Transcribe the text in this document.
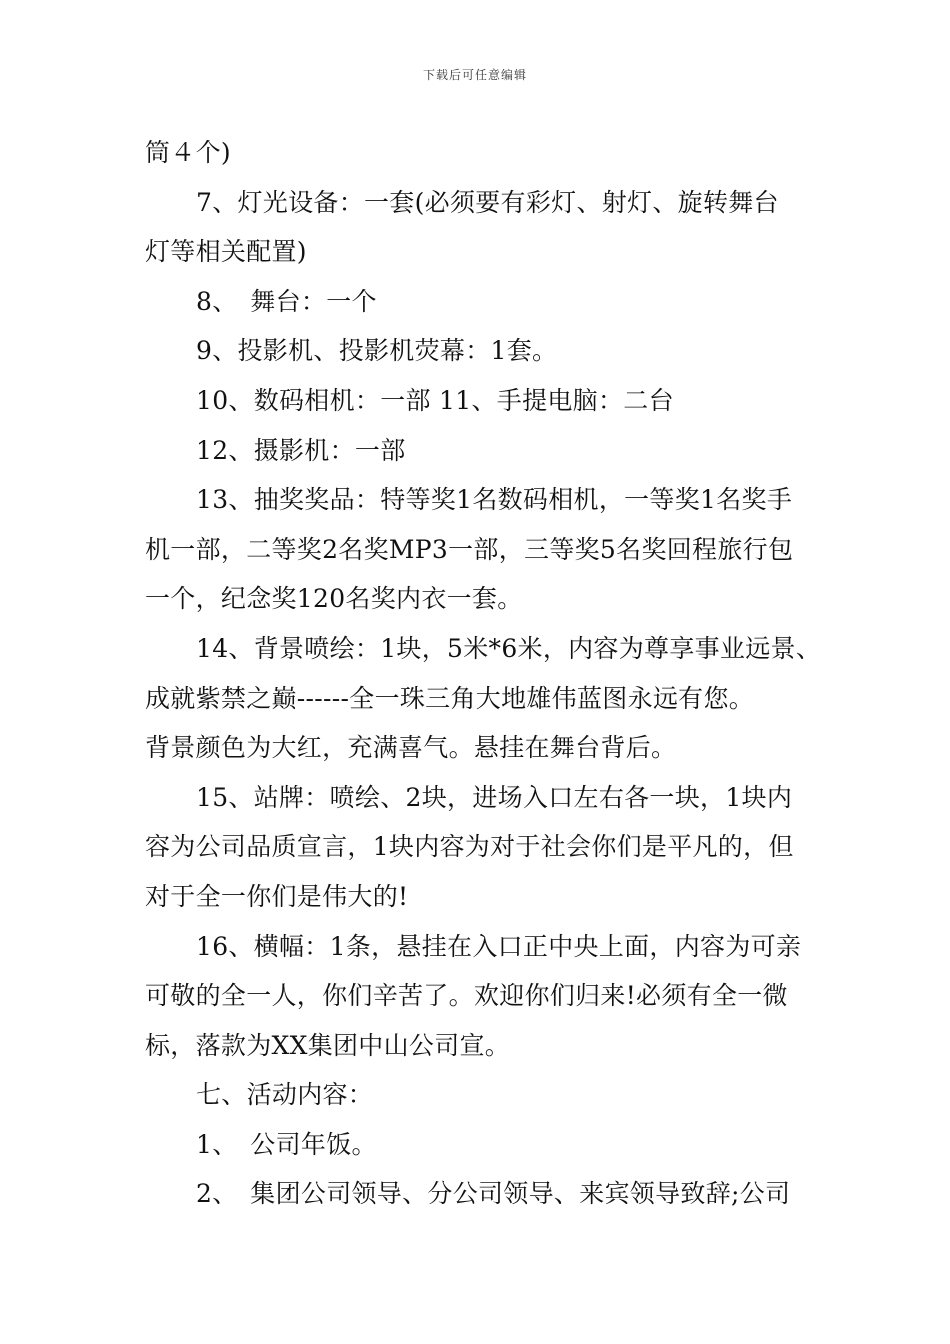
下载后可任意编辑
筒４个)
7、灯光设备：一套(必须要有彩灯、射灯、旋转舞台
灯等相关配置)
8、　舞台：一个
9、投影机、投影机荧幕：1套。
10、数码相机：一部 11、手提电脑：二台
12、摄影机：一部
13、抽奖奖品：特等奖1名数码相机，一等奖1名奖手
机一部，二等奖2名奖MP3一部，三等奖5名奖回程旅行包
一个，纪念奖120名奖内衣一套。
14、背景喷绘：1块，5米*6米，内容为尊享事业远景、
成就紫禁之巅------全一珠三角大地雄伟蓝图永远有您。
背景颜色为大红，充满喜气。悬挂在舞台背后。
15、站牌：喷绘、2块，进场入口左右各一块，1块内
容为公司品质宣言，1块内容为对于社会你们是平凡的，但
对于全一你们是伟大的!
16、横幅：1条，悬挂在入口正中央上面，内容为可亲
可敬的全一人，你们辛苦了。欢迎你们归来!必须有全一微
标，落款为XX集团中山公司宣。
七、活动内容：
1、　公司年饭。
2、　集团公司领导、分公司领导、来宾领导致辞;公司
